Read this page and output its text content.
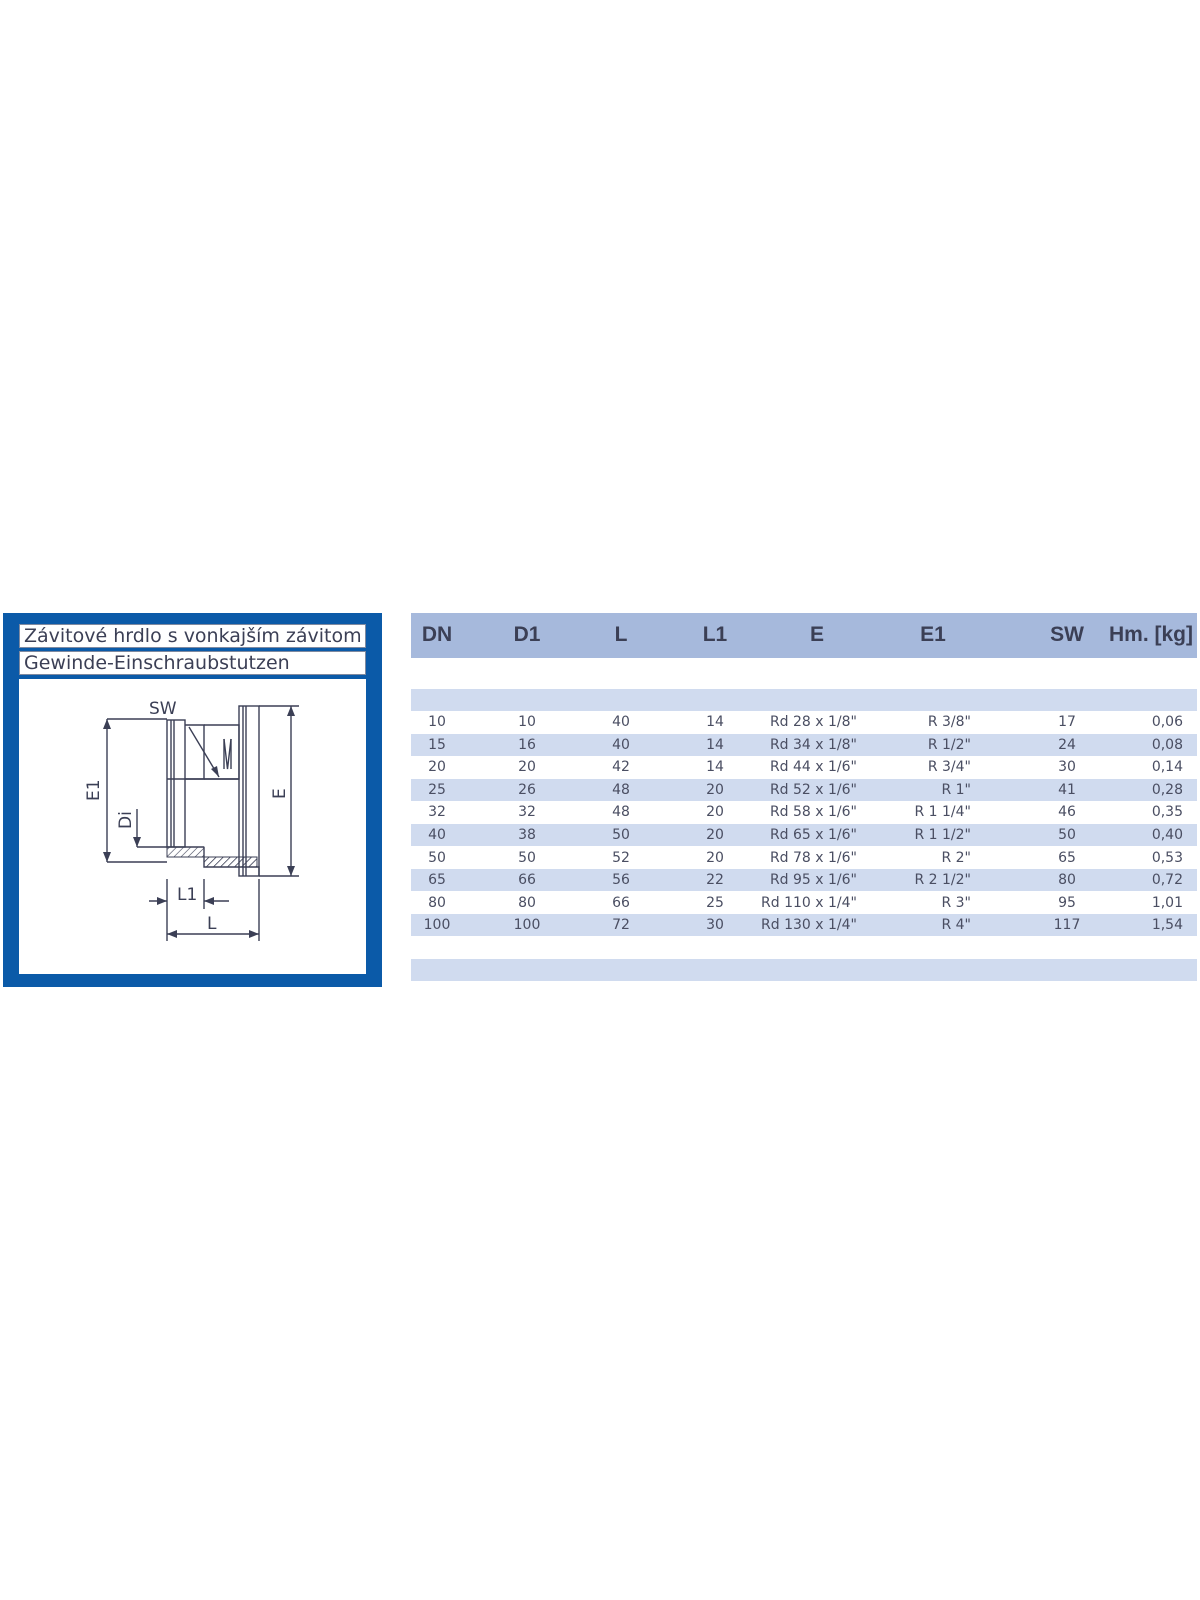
Závitové hrdlo s vonkajším závitom
Gewinde-Einschraubstutzen
SW
E1
Di
E
L1
L
DN	D1	L	L1	E	E1	SW	Hm. [kg]
10	10	40	14	Rd 28 x 1/8"	R 3/8"	17	0,06
15	16	40	14	Rd 34 x 1/8"	R 1/2"	24	0,08
20	20	42	14	Rd 44 x 1/6"	R 3/4"	30	0,14
25	26	48	20	Rd 52 x 1/6"	R 1"	41	0,28
32	32	48	20	Rd 58 x 1/6"	R 1 1/4"	46	0,35
40	38	50	20	Rd 65 x 1/6"	R 1 1/2"	50	0,40
50	50	52	20	Rd 78 x 1/6"	R 2"	65	0,53
65	66	56	22	Rd 95 x 1/6"	R 2 1/2"	80	0,72
80	80	66	25	Rd 110 x 1/4"	R 3"	95	1,01
100	100	72	30	Rd 130 x 1/4"	R 4"	117	1,54
